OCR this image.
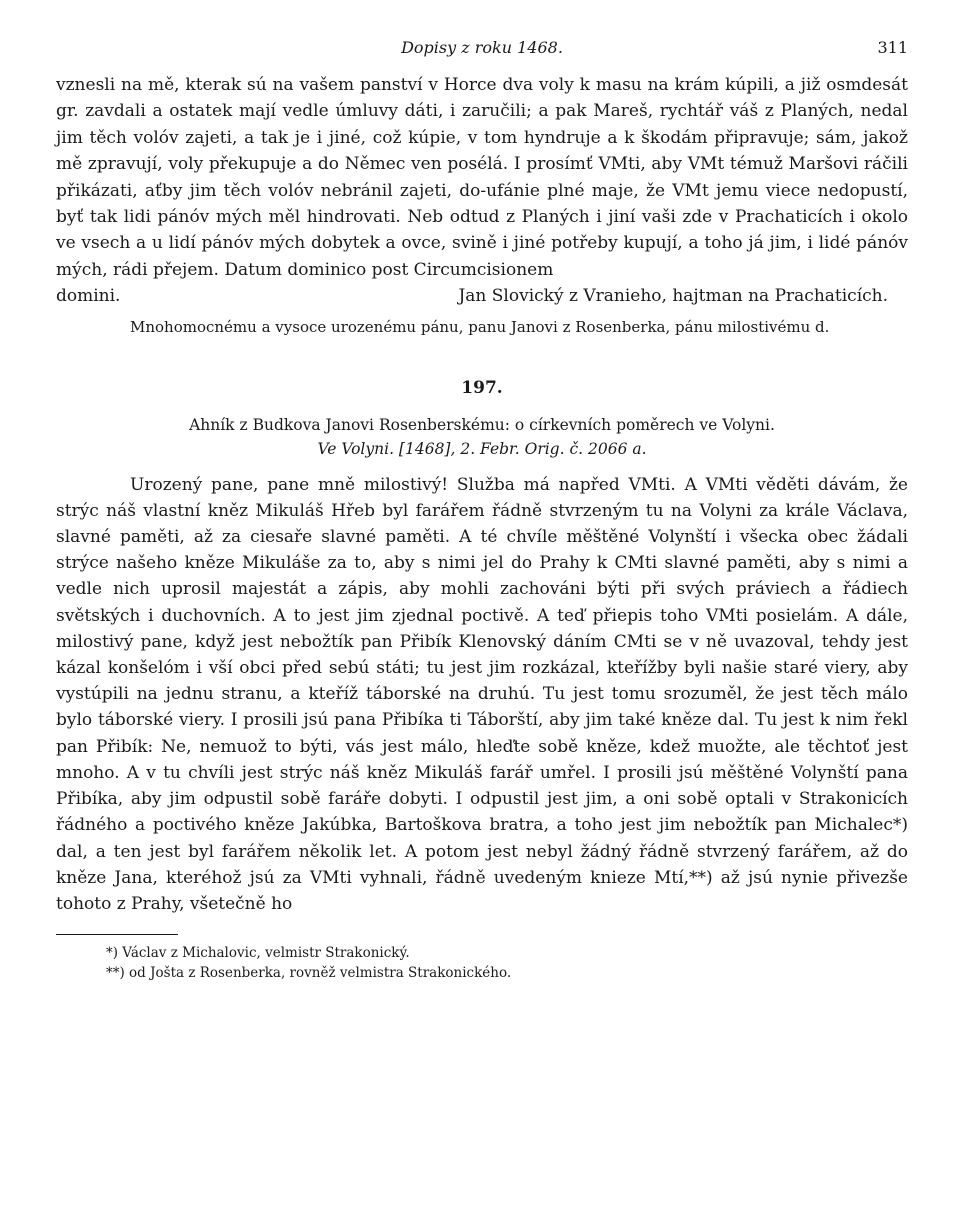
Dopisy z roku 1468.	311

vznesli na mě, kterak sú na vašem panství v Horce dva voly k masu na krám kúpili, a již osmdesát gr. zavdali a ostatek mají vedle úmluvy dáti, i zaručili; a pak Mareš, rychtář váš z Planých, nedal jim těch volóv zajeti, a tak je i jiné, což kúpie, v tom hyndruje a k škodám připravuje; sám, jakož mě zpravují, voly překupuje a do Němec ven posélá. I prosímť VMti, aby VMt témuž Maršovi ráčili přikázati, aťby jim těch volóv nebránil zajeti, do-ufánie plné maje, že VMt jemu viece nedopustí, byť tak lidi pánóv mých měl hindrovati. Neb odtud z Planých i jiní vaši zde v Prachaticích i okolo ve vsech a u lidí pánóv mých dobytek a ovce, svině i jiné potřeby kupují, a toho já jim, i lidé pánóv mých, rádi přejem. Datum dominico post Circumcisionem

domini.	Jan Slovický z Vranieho, hajtman na Prachaticích.
Mnohomocnému a vysoce urozenému pánu, panu Janovi z Rosenberka, pánu milostivému d.
197.
Ahník z Budkova Janovi Rosenberskému: o církevních poměrech ve Volyni.
Ve Volyni. [1468], 2. Febr. Orig. č. 2066 a.

Urozený pane, pane mně milostivý! Služba má napřed VMti. A VMti věděti dávám, že strýc náš vlastní kněz Mikuláš Hřeb byl farářem řádně stvrzeným tu na Volyni za krále Václava, slavné paměti, až za ciesaře slavné paměti. A té chvíle měštěné Volynští i všecka obec žádali strýce našeho kněze Mikuláše za to, aby s nimi jel do Prahy k CMti slavné paměti, aby s nimi a vedle nich uprosil majestát a zápis, aby mohli zachováni býti při svých práviech a řádiech světských i duchovních. A to jest jim zjednal poctivě. A teď přiepis toho VMti posielám. A dále, milostivý pane, když jest nebožtík pan Přibík Klenovský dáním CMti se v ně uvazoval, tehdy jest kázal konšelóm i vší obci před sebú státi; tu jest jim rozkázal, kteřížby byli našie staré viery, aby vystúpili na jednu stranu, a kteříž táborské na druhú. Tu jest tomu srozuměl, že jest těch málo bylo táborské viery. I prosili jsú pana Přibíka ti Táborští, aby jim také kněze dal. Tu jest k nim řekl pan Přibík: Ne, nemuož to býti, vás jest málo, hleďte sobě kněze, kdež muožte, ale těchtoť jest mnoho. A v tu chvíli jest strýc náš kněz Mikuláš farář umřel. I prosili jsú měštěné Volynští pana Přibíka, aby jim odpustil sobě faráře dobyti. I odpustil jest jim, a oni sobě optali v Strakonicích řádného a poctivého kněze Jakúbka, Bartoškova bratra, a toho jest jim nebožtík pan Michalec*) dal, a ten jest byl farářem několik let. A potom jest nebyl žádný řádně stvrzený farářem, až do kněze Jana, kteréhož jsú za VMti vyhnali, řádně uvedeným knieze Mtí,**) až jsú nynie přivezše tohoto z Prahy, všetečně ho

*) Václav z Michalovic, velmistr Strakonický.
**) od Jošta z Rosenberka, rovněž velmistra Strakonického.
